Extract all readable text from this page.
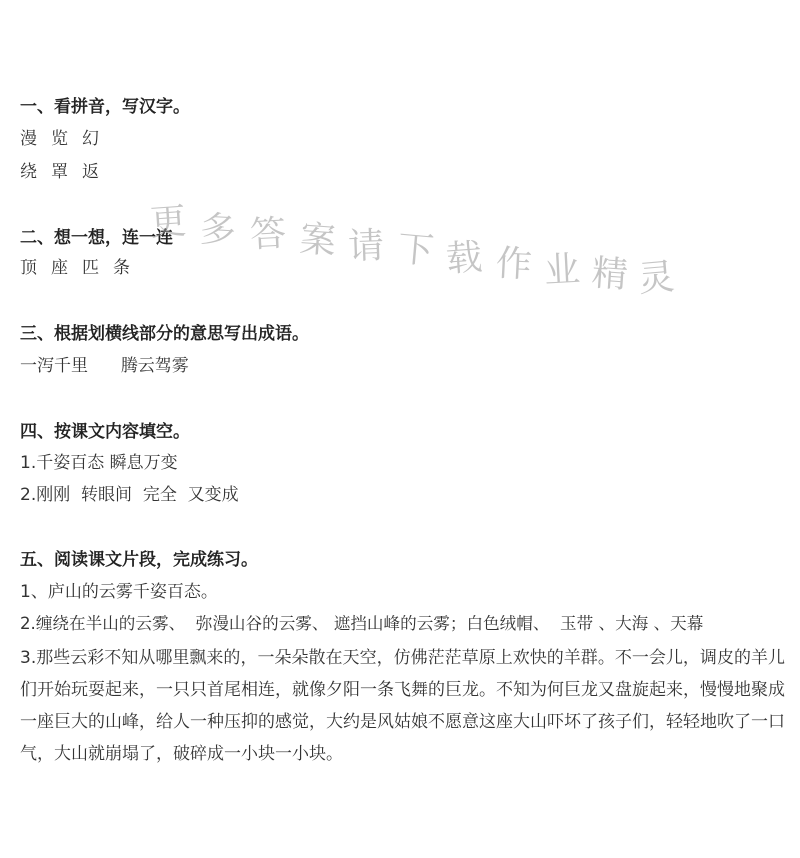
一、看拼音，写汉字。
漫 览 幻
绕 罩 返
二、想一想，连一连
顶 座 匹 条
三、根据划横线部分的意思写出成语。
一泻千里 腾云驾雾
四、按课文内容填空。
1.千姿百态 瞬息万变
2.刚刚  转眼间  完全  又变成
五、阅读课文片段，完成练习。
1、庐山的云雾千姿百态。
2.缠绕在半山的云雾、  弥漫山谷的云雾、 遮挡山峰的云雾；白色绒帽、  玉带 、大海 、天幕
3.那些云彩不知从哪里飘来的，一朵朵散在天空，仿佛茫茫草原上欢快的羊群。不一会儿，调皮的羊儿们开始玩耍起来，一只只首尾相连，就像夕阳一条飞舞的巨龙。不知为何巨龙又盘旋起来，慢慢地聚成一座巨大的山峰，给人一种压抑的感觉，大约是风姑娘不愿意这座大山吓坏了孩子们，轻轻地吹了一口气，大山就崩塌了，破碎成一小块一小块。
更 多 答 案 请 下 载 作 业 精 灵
